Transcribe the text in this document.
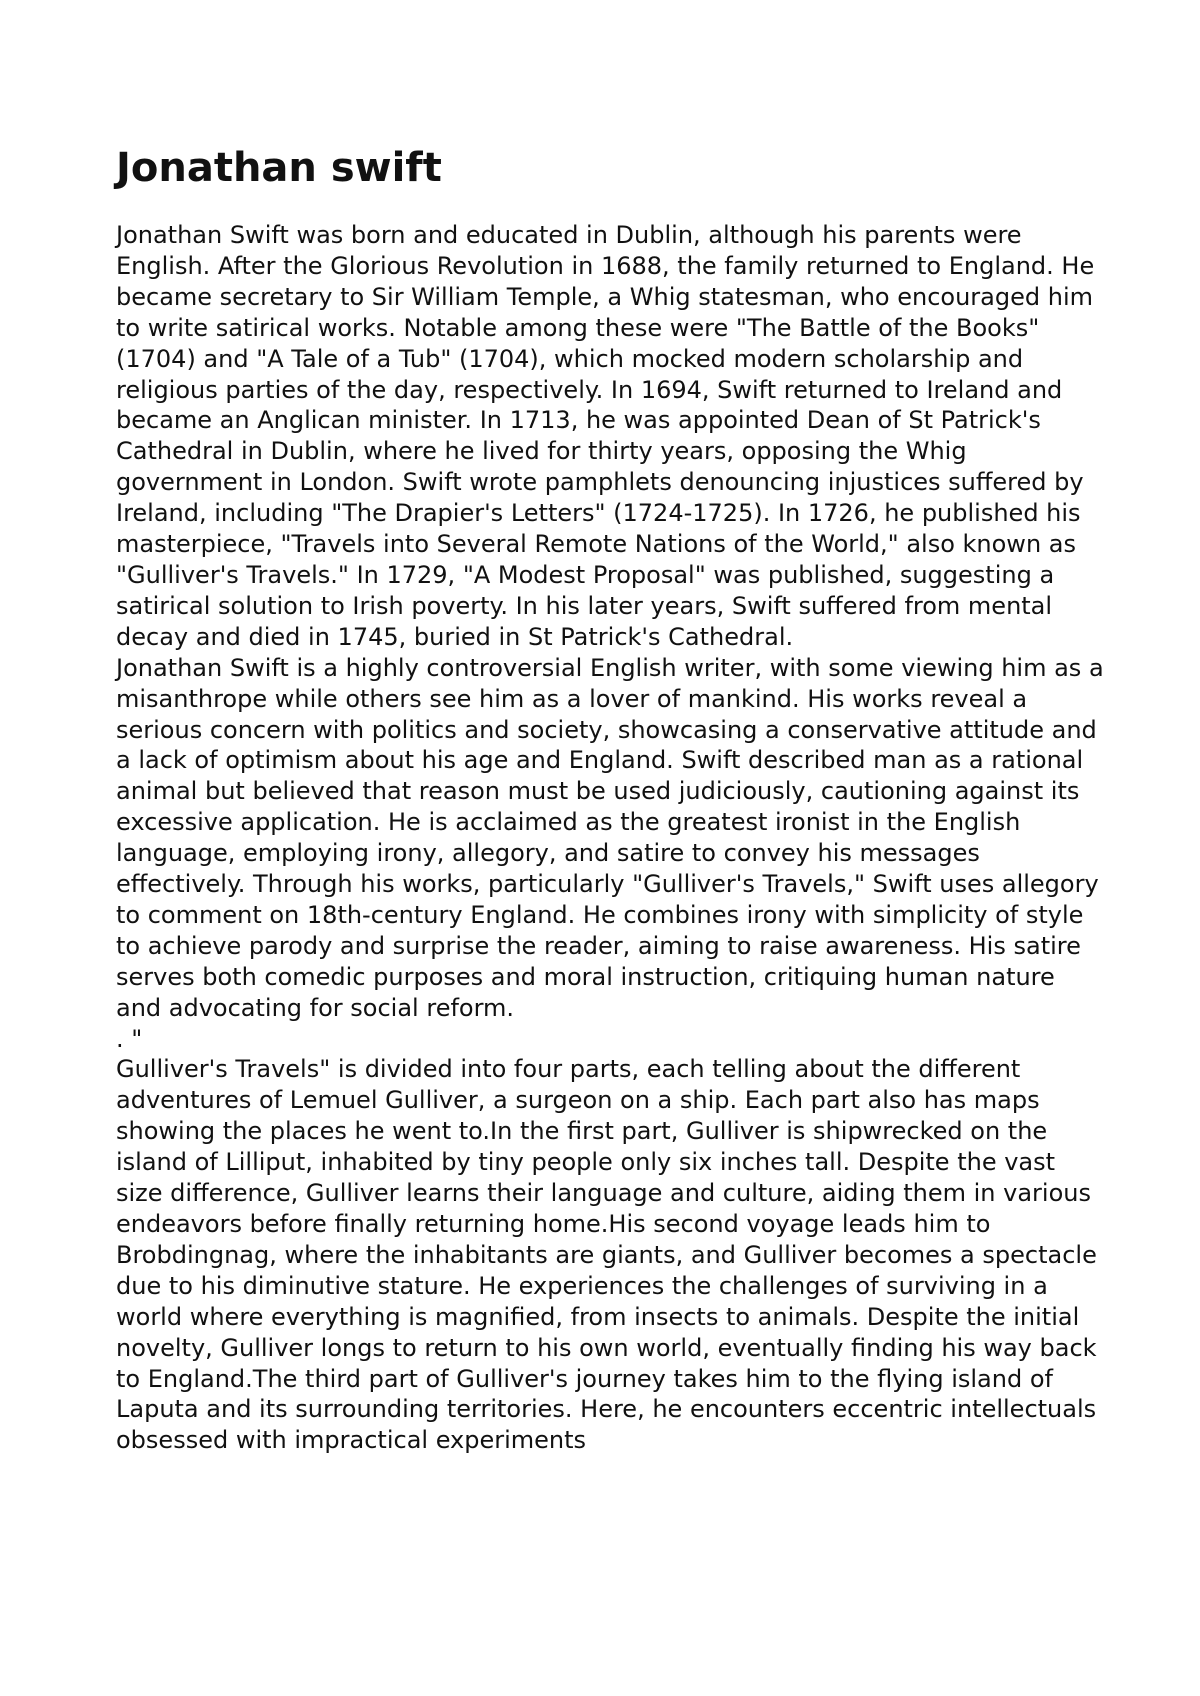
Jonathan swift

Jonathan Swift was born and educated in Dublin, although his parents were English. After the Glorious Revolution in 1688, the family returned to England. He became secretary to Sir William Temple, a Whig statesman, who encouraged him to write satirical works. Notable among these were "The Battle of the Books" (1704) and "A Tale of a Tub" (1704), which mocked modern scholarship and religious parties of the day, respectively. In 1694, Swift returned to Ireland and became an Anglican minister. In 1713, he was appointed Dean of St Patrick's Cathedral in Dublin, where he lived for thirty years, opposing the Whig government in London. Swift wrote pamphlets denouncing injustices suffered by Ireland, including "The Drapier's Letters" (1724-1725). In 1726, he published his masterpiece, "Travels into Several Remote Nations of the World," also known as "Gulliver's Travels." In 1729, "A Modest Proposal" was published, suggesting a satirical solution to Irish poverty. In his later years, Swift suffered from mental decay and died in 1745, buried in St Patrick's Cathedral.

Jonathan Swift is a highly controversial English writer, with some viewing him as a misanthrope while others see him as a lover of mankind. His works reveal a serious concern with politics and society, showcasing a conservative attitude and a lack of optimism about his age and England. Swift described man as a rational animal but believed that reason must be used judiciously, cautioning against its excessive application. He is acclaimed as the greatest ironist in the English language, employing irony, allegory, and satire to convey his messages effectively. Through his works, particularly "Gulliver's Travels," Swift uses allegory to comment on 18th-century England. He combines irony with simplicity of style to achieve parody and surprise the reader, aiming to raise awareness. His satire serves both comedic purposes and moral instruction, critiquing human nature and advocating for social reform.

. "

Gulliver's Travels" is divided into four parts, each telling about the different adventures of Lemuel Gulliver, a surgeon on a ship. Each part also has maps showing the places he went to.In the first part, Gulliver is shipwrecked on the island of Lilliput, inhabited by tiny people only six inches tall. Despite the vast size difference, Gulliver learns their language and culture, aiding them in various endeavors before finally returning home.His second voyage leads him to Brobdingnag, where the inhabitants are giants, and Gulliver becomes a spectacle due to his diminutive stature. He experiences the challenges of surviving in a world where everything is magnified, from insects to animals. Despite the initial novelty, Gulliver longs to return to his own world, eventually finding his way back to England.The third part of Gulliver's journey takes him to the flying island of Laputa and its surrounding territories. Here, he encounters eccentric intellectuals obsessed with impractical experiments
